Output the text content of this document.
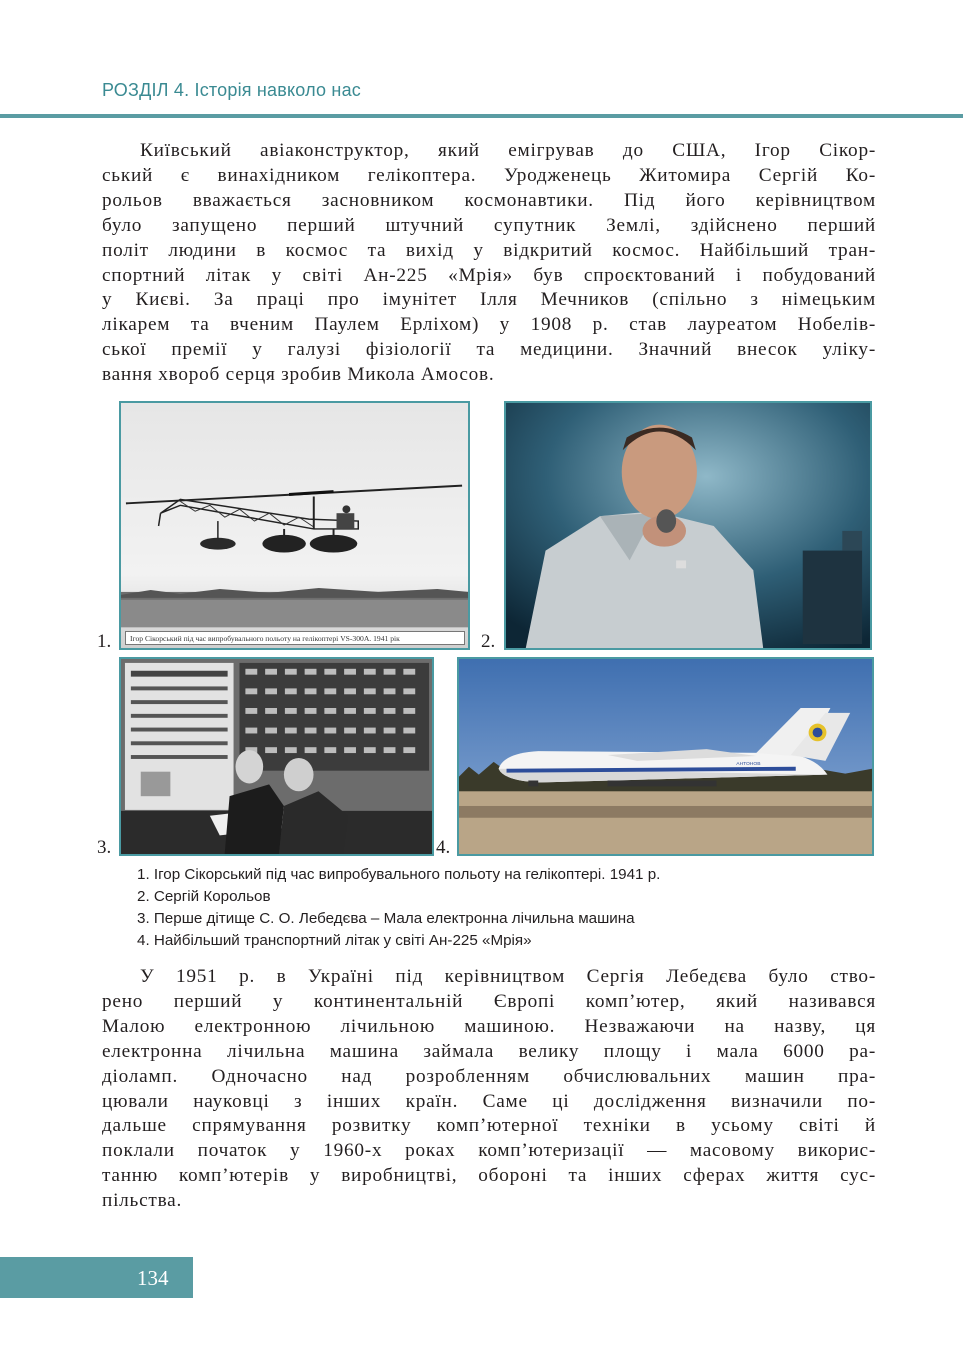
РОЗДІЛ 4. Історія навколо нас
Київський авіаконструктор, який емігрував до США, Ігор Сікор-
ський є винахідником гелікоптера. Уродженець Житомира Сергій Ко-
рольов вважається засновником космонавтики. Під його керівництвом
було запущено перший штучний супутник Землі, здійснено перший
політ людини в космос та вихід у відкритий космос. Найбільший тран-
спортний літак у світі Ан-225 «Мрія» був спроєктований і побудований
у Києві. За праці про імунітет Ілля Мечников (спільно з німецьким
лікарем та вченим Паулем Ерліхом) у 1908 р. став лауреатом Нобелів-
ської премії у галузі фізіології та медицини. Значний внесок уліку-
вання хвороб серця зробив Микола Амосов.
Ігор Сікорський під час випробувального польоту на гелікоптері VS-300A. 1941 рік
АНТОНОВ
1.	2.
3.	4.
1. Ігор Сікорський під час випробувального польоту на гелікоптері. 1941 р.
2. Сергій Корольов
3. Перше дітище С. О. Лебедєва – Мала електронна лічильна машина
4. Найбільший транспортний літак у світі Ан-225 «Мрія»
У 1951 р. в Україні під керівництвом Сергія Лебедєва було ство-
рено перший у континентальній Європі комп’ютер, який називався
Малою електронною лічильною машиною. Незважаючи на назву, ця
електронна лічильна машина займала велику площу і мала 6000 ра-
діоламп. Одночасно над розробленням обчислювальних машин пра-
цювали науковці з інших країн. Саме ці дослідження визначили по-
дальше спрямування розвитку комп’ютерної техніки в усьому світі й
поклали початок у 1960-х роках комп’ютеризації — масовому викорис-
танню комп’ютерів у виробництві, обороні та інших сферах життя сус-
пільства.
134
